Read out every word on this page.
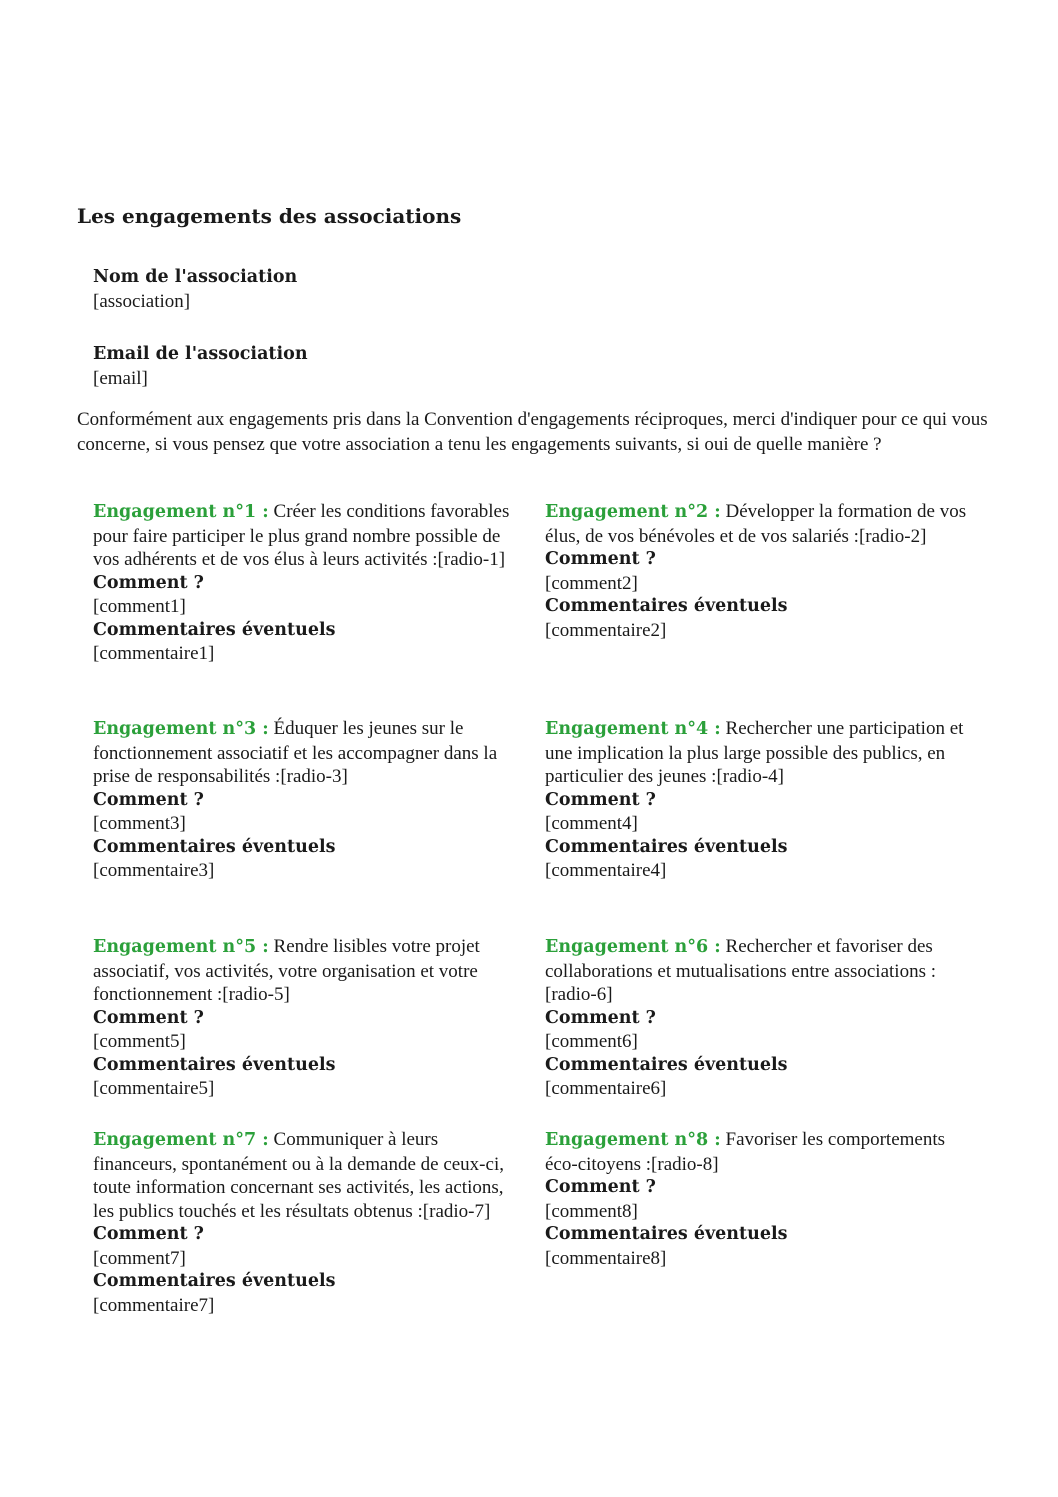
Les engagements des associations
Nom de l'association
[association]
Email de l'association
[email]

Conformément aux engagements pris dans la Convention d'engagements réciproques, merci d'indiquer pour ce qui vous concerne, si vous pensez que votre association a tenu les engagements suivants, si oui de quelle manière ?

Engagement n°1 : Créer les conditions favorables pour faire participer le plus grand nombre possible de vos adhérents et de vos élus à leurs activités :[radio-1]
Comment ?
[comment1]
Commentaires éventuels
[commentaire1]
Engagement n°2 : Développer la formation de vos élus, de vos bénévoles et de vos salariés :[radio-2]
Comment ?
[comment2]
Commentaires éventuels
[commentaire2]
Engagement n°3 : Éduquer les jeunes sur le fonctionnement associatif et les accompagner dans la prise de responsabilités :[radio-3]
Comment ?
[comment3]
Commentaires éventuels
[commentaire3]
Engagement n°4 : Rechercher une participation et une implication la plus large possible des publics, en particulier des jeunes :[radio-4]
Comment ?
[comment4]
Commentaires éventuels
[commentaire4]
Engagement n°5 : Rendre lisibles votre projet associatif, vos activités, votre organisation et votre fonctionnement :[radio-5]
Comment ?
[comment5]
Commentaires éventuels
[commentaire5]
Engagement n°6 : Rechercher et favoriser des collaborations et mutualisations entre associations :[radio-6]
Comment ?
[comment6]
Commentaires éventuels
[commentaire6]
Engagement n°7 : Communiquer à leurs financeurs, spontanément ou à la demande de ceux-ci, toute information concernant ses activités, les actions, les publics touchés et les résultats obtenus :[radio-7]
Comment ?
[comment7]
Commentaires éventuels
[commentaire7]
Engagement n°8 : Favoriser les comportements éco-citoyens :[radio-8]
Comment ?
[comment8]
Commentaires éventuels
[commentaire8]
